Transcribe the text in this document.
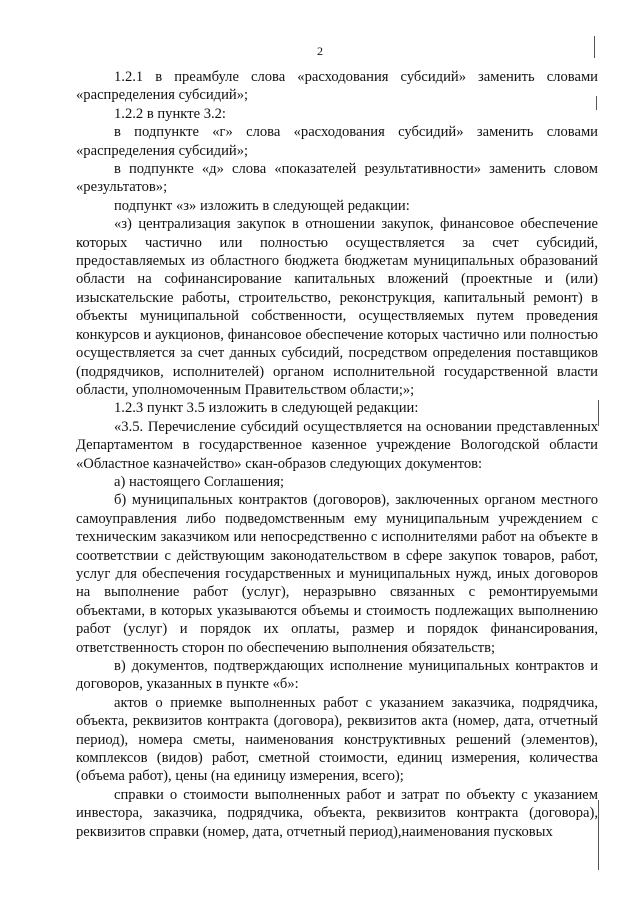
2

1.2.1 в преамбуле слова «расходования субсидий» заменить словами «распределения субсидий»;

1.2.2 в пункте 3.2:

в подпункте «г» слова «расходования субсидий» заменить словами «распределения субсидий»;

в подпункте «д» слова «показателей результативности» заменить словом «результатов»;

подпункт «з» изложить в следующей редакции:

«з) централизация закупок в отношении закупок, финансовое обеспечение которых частично или полностью осуществляется за счет субсидий, предоставляемых из областного бюджета бюджетам муниципальных образований области на софинансирование капитальных вложений (проектные и (или) изыскательские работы, строительство, реконструкция, капитальный ремонт) в объекты муниципальной собственности, осуществляемых путем проведения конкурсов и аукционов, финансовое обеспечение которых частично или полностью осуществляется за счет данных субсидий, посредством определения поставщиков (подрядчиков, исполнителей) органом исполнительной государственной власти области, уполномоченным Правительством области;»;

1.2.3 пункт 3.5 изложить в следующей редакции:

«3.5. Перечисление субсидий осуществляется на основании представленных Департаментом в государственное казенное учреждение Вологодской области «Областное казначейство» скан-образов следующих документов:

а) настоящего Соглашения;

б) муниципальных контрактов (договоров), заключенных органом местного самоуправления либо подведомственным ему муниципальным учреждением с техническим заказчиком или непосредственно с исполнителями работ на объекте в соответствии с действующим законодательством в сфере закупок товаров, работ, услуг для обеспечения государственных и муниципальных нужд, иных договоров на выполнение работ (услуг), неразрывно связанных с ремонтируемыми объектами, в которых указываются объемы и стоимость подлежащих выполнению работ (услуг) и порядок их оплаты, размер и порядок финансирования, ответственность сторон по обеспечению выполнения обязательств;

в) документов, подтверждающих исполнение муниципальных контрактов и договоров, указанных в пункте «б»:

актов о приемке выполненных работ с указанием заказчика, подрядчика, объекта, реквизитов контракта (договора), реквизитов акта (номер, дата, отчетный период), номера сметы, наименования конструктивных решений (элементов), комплексов (видов) работ, сметной стоимости, единиц измерения, количества (объема работ), цены (на единицу измерения, всего);

справки о стоимости выполненных работ и затрат по объекту с указанием инвестора, заказчика, подрядчика, объекта, реквизитов контракта (договора), реквизитов справки (номер, дата, отчетный период),наименования пусковых
